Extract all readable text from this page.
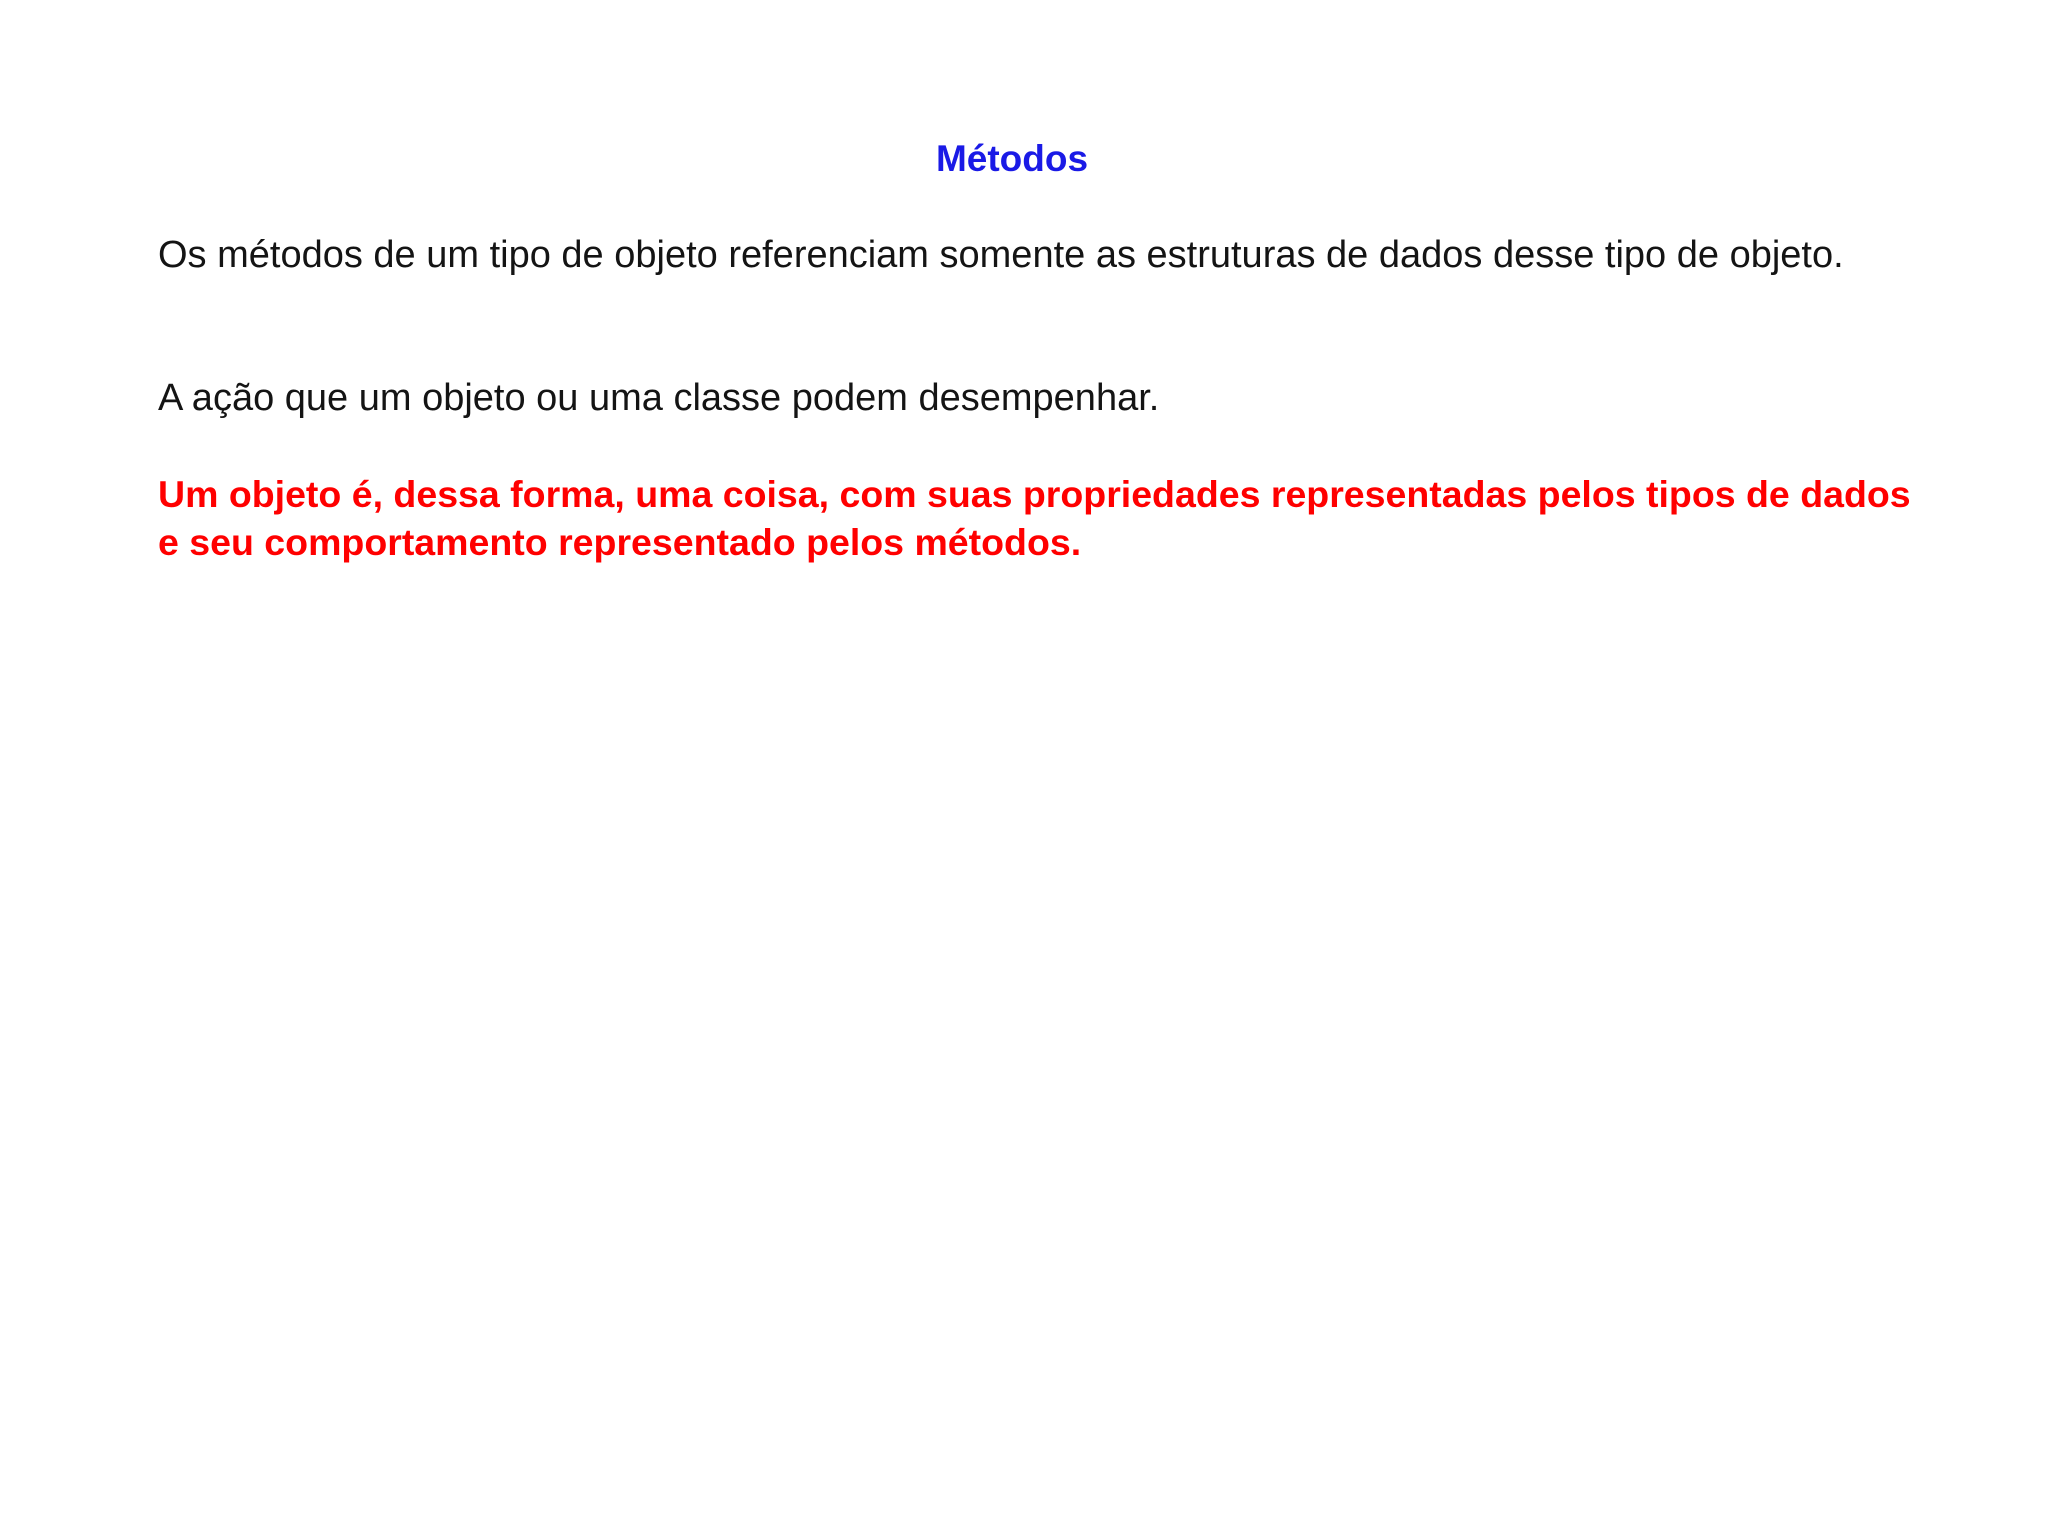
Métodos

Os métodos de um tipo de objeto referenciam somente as estruturas de dados desse tipo de objeto.

A ação que um objeto ou uma classe podem desempenhar.

Um objeto é, dessa forma, uma coisa, com suas propriedades representadas pelos tipos de dados e seu comportamento representado pelos métodos.
